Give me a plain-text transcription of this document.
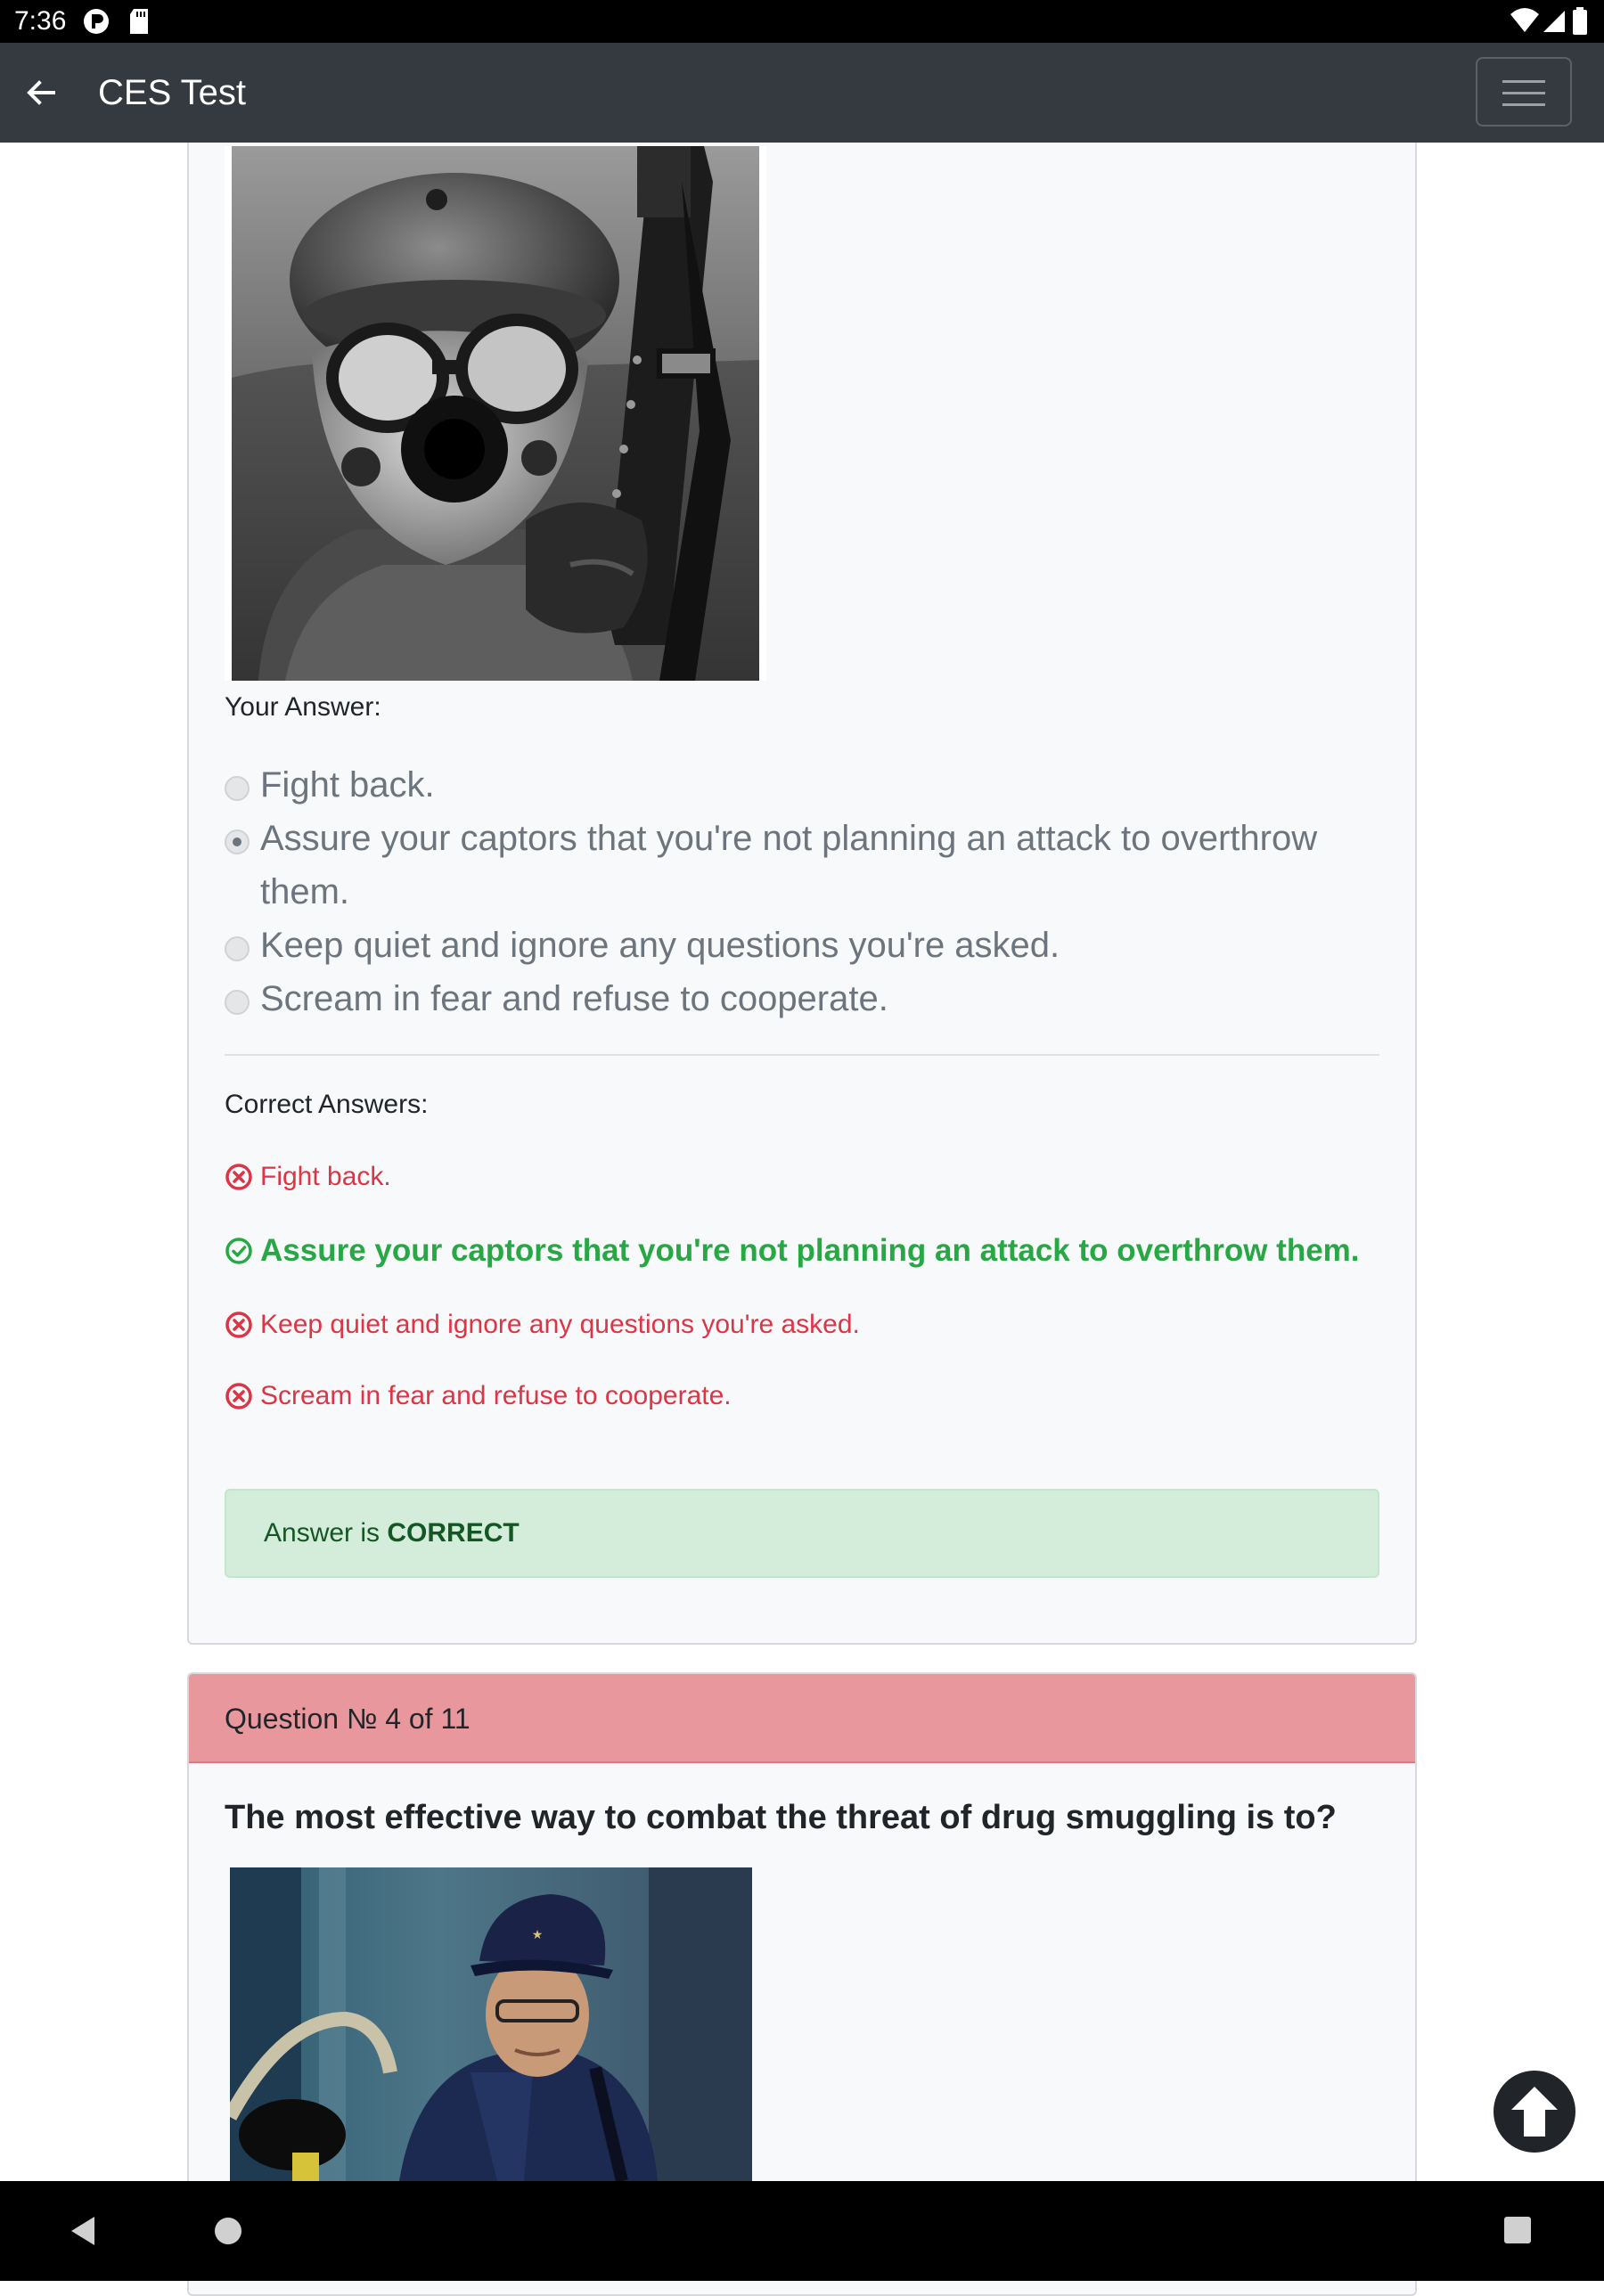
7:36
CES Test
Your Answer:
Fight back.
Assure your captors that you're not planning an attack to overthrow them.
Keep quiet and ignore any questions you're asked.
Scream in fear and refuse to cooperate.
Correct Answers:
Fight back.
Assure your captors that you're not planning an attack to overthrow them.
Keep quiet and ignore any questions you're asked.
Scream in fear and refuse to cooperate.
Answer is CORRECT
Question № 4 of 11
The most effective way to combat the threat of drug smuggling is to?
★
